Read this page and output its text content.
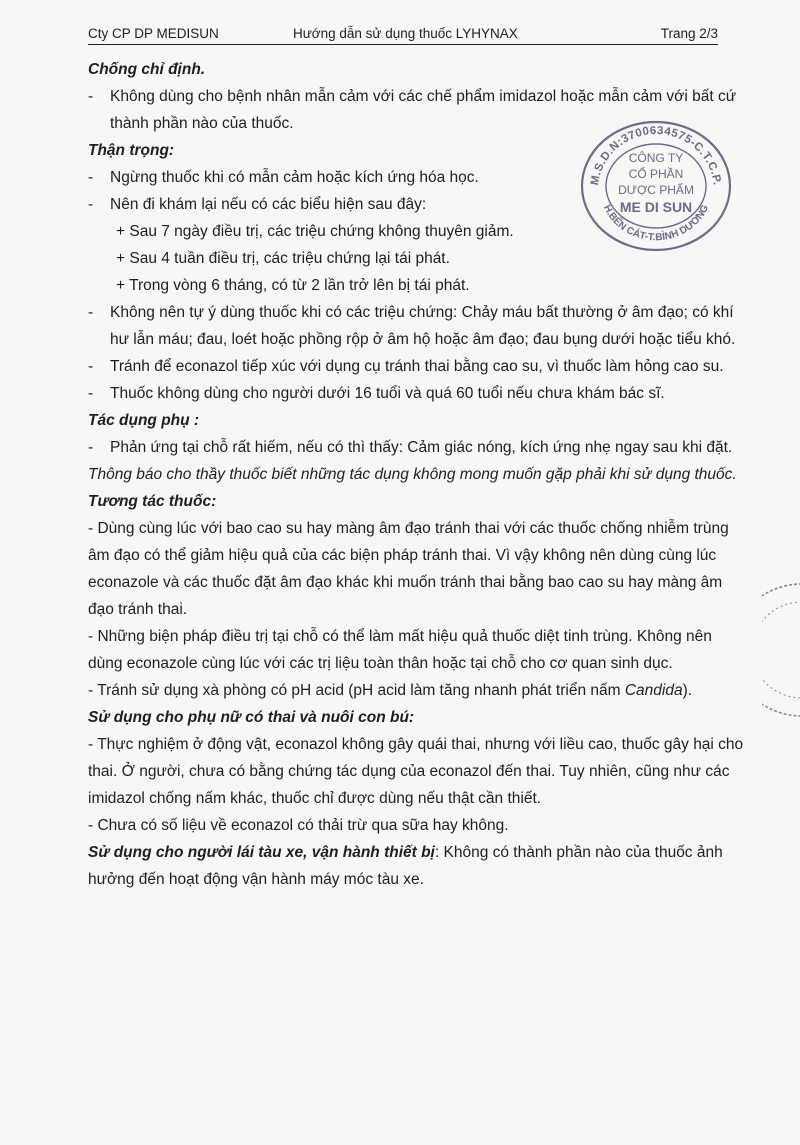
Cty CP DP MEDISUN	Hướng dẫn sử dụng thuốc LYHYNAX	Trang 2/3
M.S.D.N:3700634575-C.T.C.P.
H.BẾN CÁT-T.BÌNH DƯƠNG
CÔNG TY
CỔ PHẦN
DƯỢC PHẨM
ME DI SUN
Chống chỉ định.
- Không dùng cho bệnh nhân mẫn cảm với các chế phẩm imidazol hoặc mẫn cảm với bất cứ thành phần nào của thuốc.
Thận trọng:
- Ngừng thuốc khi có mẫn cảm hoặc kích ứng hóa học.
- Nên đi khám lại nếu có các biểu hiện sau đây:
+ Sau 7 ngày điều trị, các triệu chứng không thuyên giảm.
+ Sau 4 tuần điều trị, các triệu chứng lại tái phát.
+ Trong vòng 6 tháng, có từ 2 lần trở lên bị tái phát.
- Không nên tự ý dùng thuốc khi có các triệu chứng: Chảy máu bất thường ở âm đạo; có khí hư lẫn máu; đau, loét hoặc phồng rộp ở âm hộ hoặc âm đạo; đau bụng dưới hoặc tiểu khó.
- Tránh để econazol tiếp xúc với dụng cụ tránh thai bằng cao su, vì thuốc làm hỏng cao su.
- Thuốc không dùng cho người dưới 16 tuổi và quá 60 tuổi nếu chưa khám bác sĩ.
Tác dụng phụ :
- Phản ứng tại chỗ rất hiếm, nếu có thì thấy: Cảm giác nóng, kích ứng nhẹ ngay sau khi đặt.
Thông báo cho thầy thuốc biết những tác dụng không mong muốn gặp phải khi sử dụng thuốc.
Tương tác thuốc:
- Dùng cùng lúc với bao cao su hay màng âm đạo tránh thai với các thuốc chống nhiễm trùng âm đạo có thể giảm hiệu quả của các biện pháp tránh thai. Vì vậy không nên dùng cùng lúc econazole và các thuốc đặt âm đạo khác khi muốn tránh thai bằng bao cao su hay màng âm đạo tránh thai.
- Những biện pháp điều trị tại chỗ có thể làm mất hiệu quả thuốc diệt tinh trùng. Không nên dùng econazole cùng lúc với các trị liệu toàn thân hoặc tại chỗ cho cơ quan sinh dục.
- Tránh sử dụng xà phòng có pH acid (pH acid làm tăng nhanh phát triển nấm Candida).
Sử dụng cho phụ nữ có thai và nuôi con bú:
- Thực nghiệm ở động vật, econazol không gây quái thai, nhưng với liều cao, thuốc gây hại cho thai. Ở người, chưa có bằng chứng tác dụng của econazol đến thai. Tuy nhiên, cũng như các imidazol chống nấm khác, thuốc chỉ được dùng nếu thật cần thiết.
- Chưa có số liệu về econazol có thải trừ qua sữa hay không.
Sử dụng cho người lái tàu xe, vận hành thiết bị: Không có thành phần nào của thuốc ảnh hưởng đến hoạt động vận hành máy móc tàu xe.
